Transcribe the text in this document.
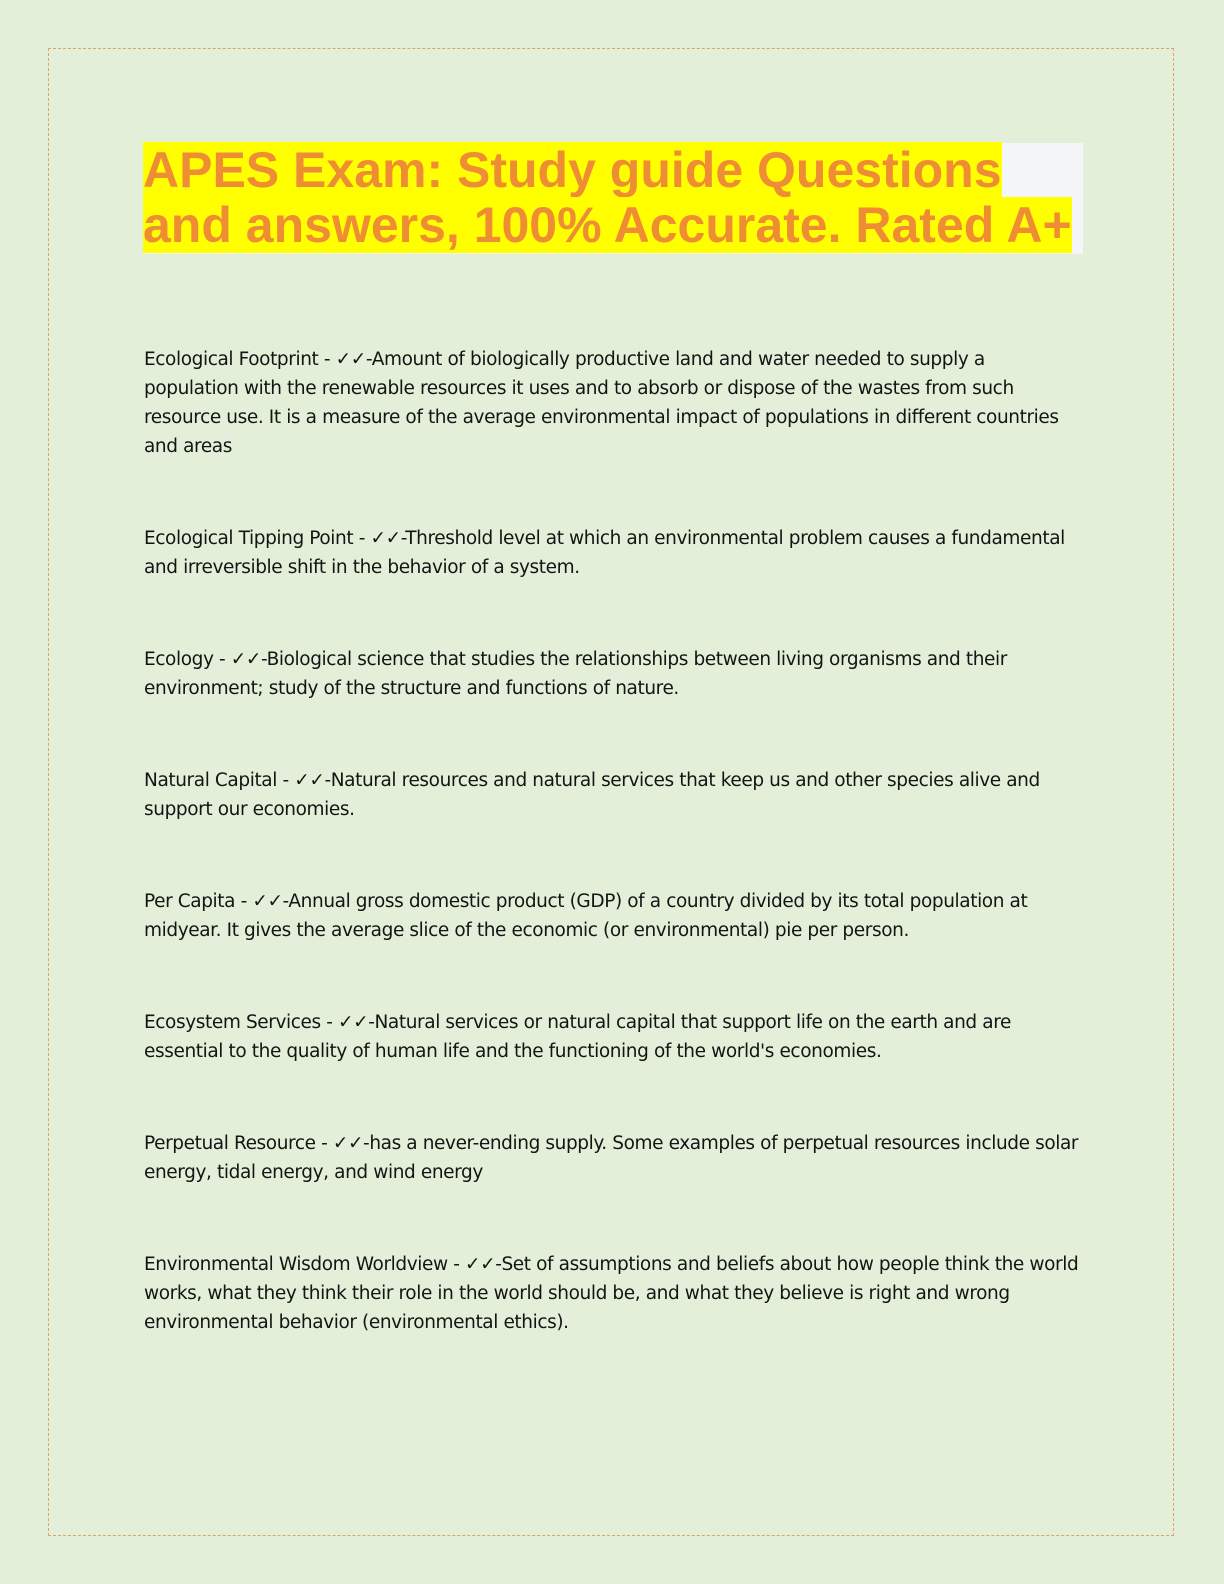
APES Exam: Study guide Questions and answers, 100% Accurate. Rated A+

Ecological Footprint - ✓✓-Amount of biologically productive land and water needed to supply a population with the renewable resources it uses and to absorb or dispose of the wastes from such resource use. It is a measure of the average environmental impact of populations in different countries and areas

Ecological Tipping Point - ✓✓-Threshold level at which an environmental problem causes a fundamental and irreversible shift in the behavior of a system.

Ecology - ✓✓-Biological science that studies the relationships between living organisms and their environment; study of the structure and functions of nature.

Natural Capital - ✓✓-Natural resources and natural services that keep us and other species alive and support our economies.

Per Capita - ✓✓-Annual gross domestic product (GDP) of a country divided by its total population at midyear. It gives the average slice of the economic (or environmental) pie per person.

Ecosystem Services - ✓✓-Natural services or natural capital that support life on the earth and are essential to the quality of human life and the functioning of the world's economies.

Perpetual Resource - ✓✓-has a never-ending supply. Some examples of perpetual resources include solar energy, tidal energy, and wind energy

Environmental Wisdom Worldview - ✓✓-Set of assumptions and beliefs about how people think the world works, what they think their role in the world should be, and what they believe is right and wrong environmental behavior (environmental ethics).
